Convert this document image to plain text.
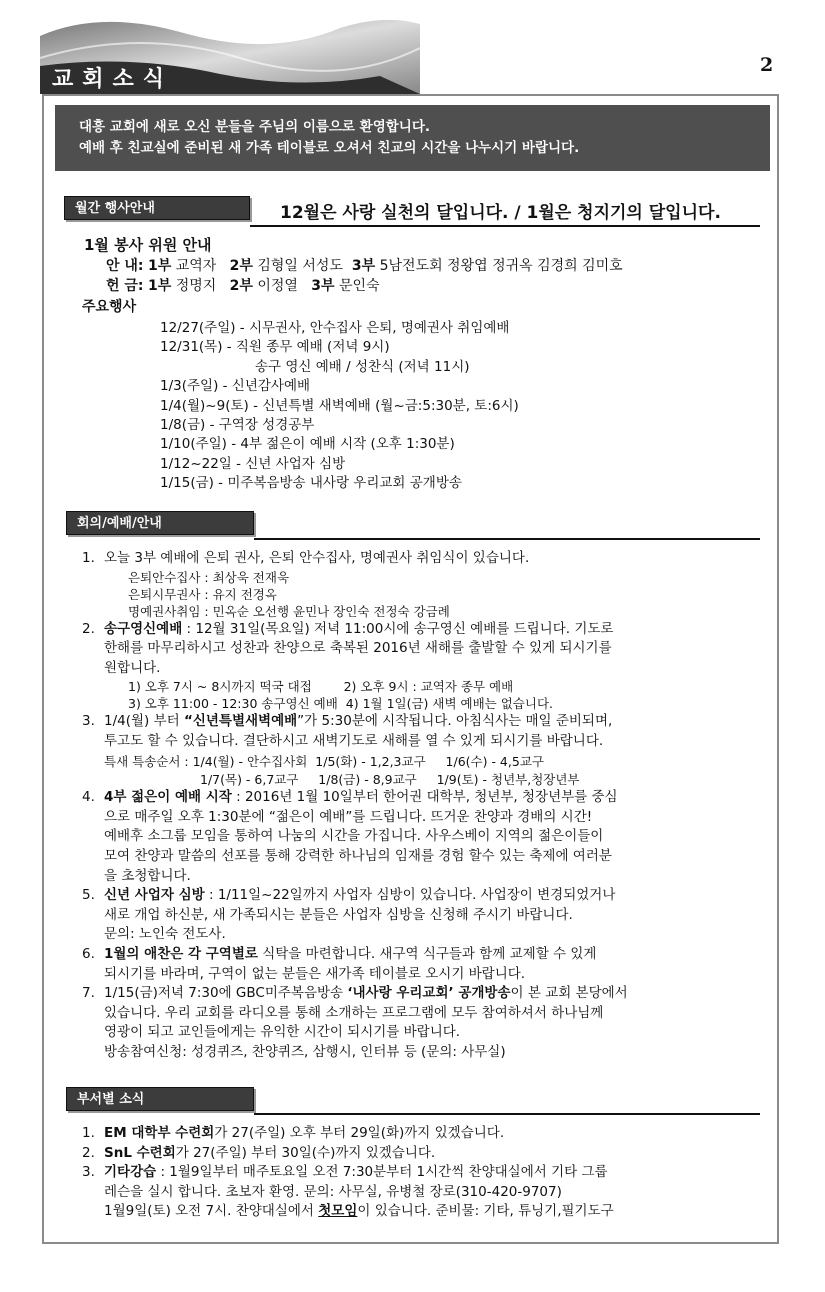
교회소식
2
대흥 교회에 새로 오신 분들을 주님의 이름으로 환영합니다.
예배 후 친교실에 준비된 새 가족 테이블로 오셔서 친교의 시간을 나누시기 바랍니다.
월간 행사안내	12월은 사랑 실천의 달입니다. / 1월은 청지기의 달입니다.
1월 봉사 위원 안내
안 내: 1부 교역자 2부 김형일 서성도 3부 5남전도회 정왕엽 정귀옥 김경희 김미호
헌 금: 1부 정명지 2부 이정열 3부 문인숙
주요행사
12/27(주일) - 시무권사, 안수집사 은퇴, 명예권사 취임예배
12/31(목) - 직원 종무 예배 (저녁 9시)
송구 영신 예배 / 성찬식 (저녁 11시)
1/3(주일) - 신년감사예배
1/4(월)~9(토) - 신년특별 새벽예배 (월~금:5:30분, 토:6시)
1/8(금) - 구역장 성경공부
1/10(주일) - 4부 젊은이 예배 시작 (오후 1:30분)
1/12~22일 - 신년 사업자 심방
1/15(금) - 미주복음방송 내사랑 우리교회 공개방송
회의/예배/안내
1. 오늘 3부 예배에 은퇴 권사, 은퇴 안수집사, 명예권사 취임식이 있습니다.
은퇴안수집사 : 최상욱 전재욱
은퇴시무권사 : 유지 전경옥
명예권사취임 : 민옥순 오선행 윤민나 장인숙 전정숙 강금례
2. 송구영신예배 : 12월 31일(목요일) 저녁 11:00시에 송구영신 예배를 드립니다. 기도로
한해를 마무리하시고 성찬과 찬양으로 축복된 2016년 새해를 출발할 수 있게 되시기를
원합니다.
1) 오후 7시 ~ 8시까지 떡국 대접        2) 오후 9시 : 교역자 종무 예배
3) 오후 11:00 - 12:30 송구영신 예배  4) 1월 1일(금) 새벽 예배는 없습니다.
3. 1/4(월) 부터 “신년특별새벽예배”가 5:30분에 시작됩니다. 아침식사는 매일 준비되며,
투고도 할 수 있습니다. 결단하시고 새벽기도로 새해를 열 수 있게 되시기를 바랍니다.
특새 특송순서 : 1/4(월) - 안수집사회  1/5(화) - 1,2,3교구     1/6(수) - 4,5교구
1/7(목) - 6,7교구     1/8(금) - 8,9교구     1/9(토) - 청년부,청장년부
4. 4부 젊은이 예배 시작 : 2016년 1월 10일부터 한어권 대학부, 청년부, 청장년부를 중심
으로 매주일 오후 1:30분에 “젊은이 예배”를 드립니다. 뜨거운 찬양과 경배의 시간!
예배후 소그룹 모임을 통하여 나눔의 시간을 가집니다. 사우스베이 지역의 젊은이들이
모여 찬양과 말씀의 선포를 통해 강력한 하나님의 임재를 경험 할수 있는 축제에 여러분
을 초청합니다.
5. 신년 사업자 심방 : 1/11일~22일까지 사업자 심방이 있습니다. 사업장이 변경되었거나
새로 개업 하신분, 새 가족되시는 분들은 사업자 심방을 신청해 주시기 바랍니다.
문의: 노인숙 전도사.
6. 1월의 애찬은 각 구역별로 식탁을 마련합니다. 새구역 식구들과 함께 교제할 수 있게
되시기를 바라며, 구역이 없는 분들은 새가족 테이블로 오시기 바랍니다.
7. 1/15(금)저녁 7:30에 GBC미주복음방송 ‘내사랑 우리교회’ 공개방송이 본 교회 본당에서
있습니다. 우리 교회를 라디오를 통해 소개하는 프로그램에 모두 참여하셔서 하나님께
영광이 되고 교인들에게는 유익한 시간이 되시기를 바랍니다.
방송참여신청: 성경퀴즈, 찬양퀴즈, 삼행시, 인터뷰 등 (문의: 사무실)
부서별 소식
1. EM 대학부 수련회가 27(주일) 오후 부터 29일(화)까지 있겠습니다.
2. SnL 수련회가 27(주일) 부터 30일(수)까지 있겠습니다.
3. 기타강습 : 1월9일부터 매주토요일 오전 7:30분부터 1시간씩 찬양대실에서 기타 그룹
레슨을 실시 합니다. 초보자 환영. 문의: 사무실, 유병철 장로(310-420-9707)
1월9일(토) 오전 7시. 찬양대실에서 첫모임이 있습니다. 준비물: 기타, 튜닝기,필기도구
